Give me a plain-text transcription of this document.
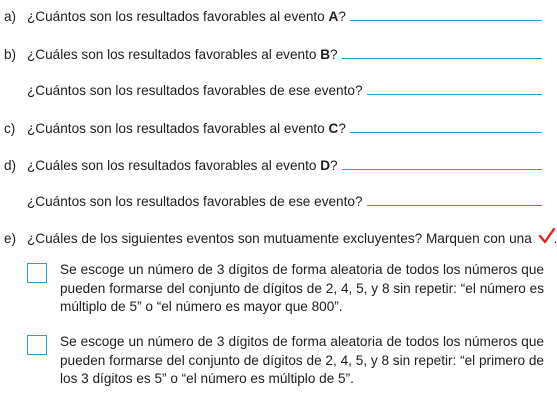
a) ¿Cuántos son los resultados favorables al evento A?
b) ¿Cuáles son los resultados favorables al evento B?
¿Cuántos son los resultados favorables de ese evento?
c) ¿Cuántos son los resultados favorables al evento C?
d) ¿Cuáles son los resultados favorables al evento D?
¿Cuántos son los resultados favorables de ese evento?
e) ¿Cuáles de los siguientes eventos son mutuamente excluyentes? Marquen con una .
Se escoge un número de 3 dígitos de forma aleatoria de todos los números que pueden formarse del conjunto de dígitos de 2, 4, 5, y 8 sin repetir: “el número es múltiplo de 5” o “el número es mayor que 800”.
Se escoge un número de 3 dígitos de forma aleatoria de todos los números que pueden formarse del conjunto de dígitos de 2, 4, 5, y 8 sin repetir: “el primero de los 3 dígitos es 5” o “el número es múltiplo de 5”.
